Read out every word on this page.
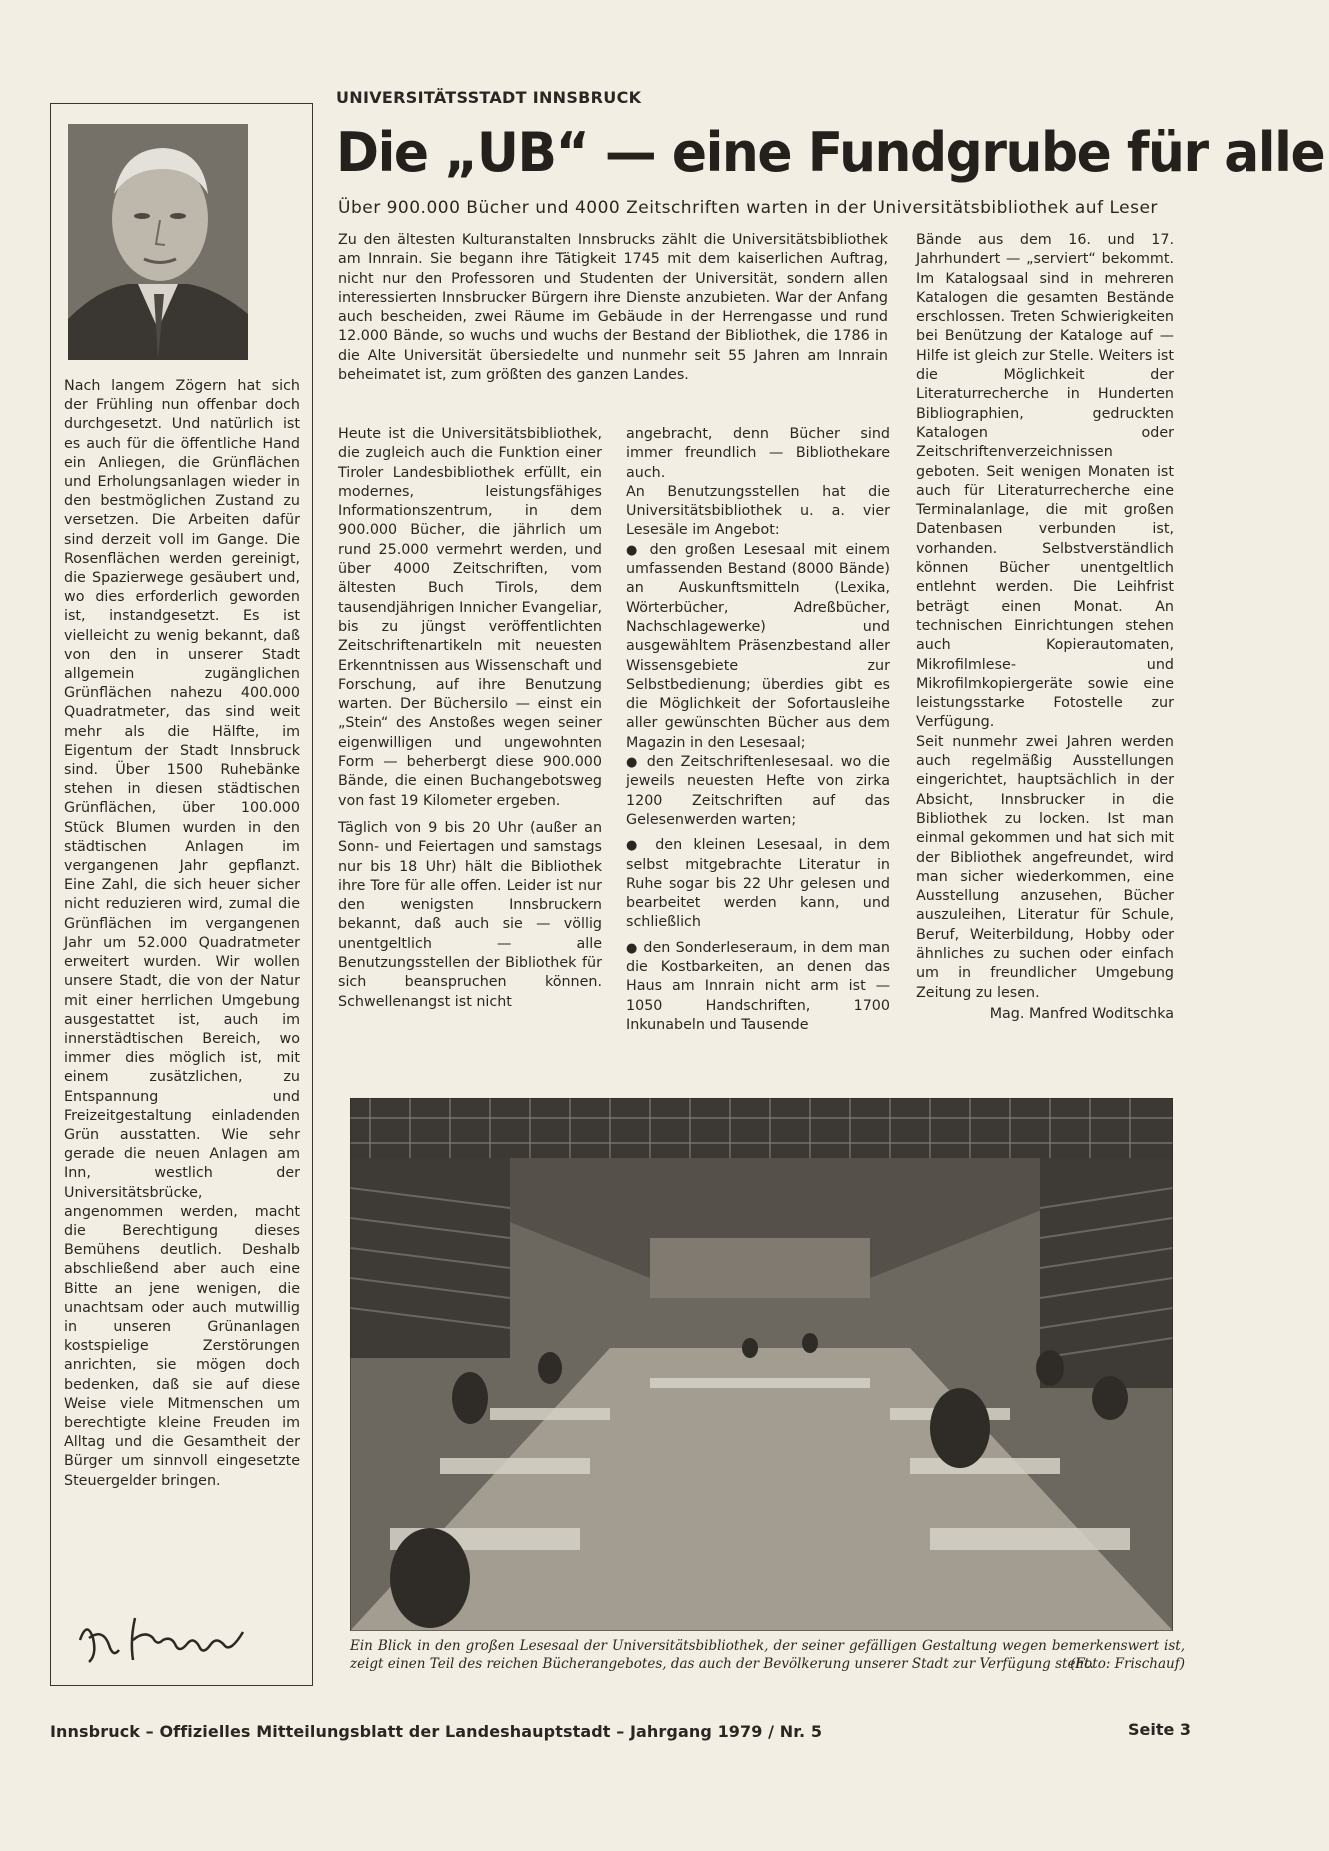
Nach langem Zögern hat sich der Frühling nun offenbar doch durchgesetzt. Und natürlich ist es auch für die öffentliche Hand ein Anliegen, die Grünflächen und Erholungsanlagen wieder in den bestmöglichen Zustand zu versetzen. Die Arbeiten dafür sind derzeit voll im Gange. Die Rosenflächen werden gereinigt, die Spazierwege gesäubert und, wo dies erforderlich geworden ist, instandgesetzt. Es ist vielleicht zu wenig bekannt, daß von den in unserer Stadt allgemein zugänglichen Grünflächen nahezu 400.000 Quadratmeter, das sind weit mehr als die Hälfte, im Eigentum der Stadt Innsbruck sind. Über 1500 Ruhebänke stehen in diesen städtischen Grünflächen, über 100.000 Stück Blumen wurden in den städtischen Anlagen im vergangenen Jahr gepflanzt. Eine Zahl, die sich heuer sicher nicht reduzieren wird, zumal die Grünflächen im vergangenen Jahr um 52.000 Quadratmeter erweitert wurden. Wir wollen unsere Stadt, die von der Natur mit einer herrlichen Umgebung ausgestattet ist, auch im innerstädtischen Bereich, wo immer dies möglich ist, mit einem zusätzlichen, zu Entspannung und Freizeitgestaltung einladenden Grün ausstatten. Wie sehr gerade die neuen Anlagen am Inn, westlich der Universitätsbrücke, angenommen werden, macht die Berechtigung dieses Bemühens deutlich. Deshalb abschließend aber auch eine Bitte an jene wenigen, die unachtsam oder auch mutwillig in unseren Grünanlagen kostspielige Zerstörungen anrichten, sie mögen doch bedenken, daß sie auf diese Weise viele Mitmenschen um berechtigte kleine Freuden im Alltag und die Gesamtheit der Bürger um sinnvoll eingesetzte Steuergelder bringen.
UNIVERSITÄTSSTADT INNSBRUCK
Die „UB“ — eine Fundgrube für alle
Über 900.000 Bücher und 4000 Zeitschriften warten in der Universitätsbibliothek auf Leser
Zu den ältesten Kulturanstalten Innsbrucks zählt die Universitätsbibliothek am Innrain. Sie begann ihre Tätigkeit 1745 mit dem kaiserlichen Auftrag, nicht nur den Professoren und Studenten der Universität, sondern allen interessierten Innsbrucker Bürgern ihre Dienste anzubieten. War der Anfang auch bescheiden, zwei Räume im Gebäude in der Herrengasse und rund 12.000 Bände, so wuchs und wuchs der Bestand der Bibliothek, die 1786 in die Alte Universität übersiedelte und nunmehr seit 55 Jahren am Innrain beheimatet ist, zum größten des ganzen Landes.

Heute ist die Universitätsbibliothek, die zugleich auch die Funktion einer Tiroler Landesbibliothek erfüllt, ein modernes, leistungsfähiges Informationszentrum, in dem 900.000 Bücher, die jährlich um rund 25.000 vermehrt werden, und über 4000 Zeitschriften, vom ältesten Buch Tirols, dem tausendjährigen Innicher Evangeliar, bis zu jüngst veröffentlichten Zeitschriftenartikeln mit neuesten Erkenntnissen aus Wissenschaft und Forschung, auf ihre Benutzung warten. Der Büchersilo — einst ein „Stein“ des Anstoßes wegen seiner eigenwilligen und ungewohnten Form — beherbergt diese 900.000 Bände, die einen Buchangebotsweg von fast 19 Kilometer ergeben.

Täglich von 9 bis 20 Uhr (außer an Sonn- und Feiertagen und samstags nur bis 18 Uhr) hält die Bibliothek ihre Tore für alle offen. Leider ist nur den wenigsten Innsbruckern bekannt, daß auch sie — völlig unentgeltlich — alle Benutzungsstellen der Bibliothek für sich beanspruchen können. Schwellenangst ist nicht

angebracht, denn Bücher sind immer freundlich — Bibliothekare auch.

An Benutzungsstellen hat die Universitätsbibliothek u. a. vier Lesesäle im Angebot:

● den großen Lesesaal mit einem umfassenden Bestand (8000 Bände) an Auskunftsmitteln (Lexika, Wörterbücher, Adreßbücher, Nachschlagewerke) und ausgewähltem Präsenzbestand aller Wissensgebiete zur Selbstbedienung; überdies gibt es die Möglichkeit der Sofortausleihe aller gewünschten Bücher aus dem Magazin in den Lesesaal;

● den Zeitschriftenlesesaal. wo die jeweils neuesten Hefte von zirka 1200 Zeitschriften auf das Gelesenwerden warten;

● den kleinen Lesesaal, in dem selbst mitgebrachte Literatur in Ruhe sogar bis 22 Uhr gelesen und bearbeitet werden kann, und schließlich

● den Sonderleseraum, in dem man die Kostbarkeiten, an denen das Haus am Innrain nicht arm ist — 1050 Handschriften, 1700 Inkunabeln und Tausende

Bände aus dem 16. und 17. Jahrhundert — „serviert“ bekommt. Im Katalogsaal sind in mehreren Katalogen die gesamten Bestände erschlossen. Treten Schwierigkeiten bei Benützung der Kataloge auf — Hilfe ist gleich zur Stelle. Weiters ist die Möglichkeit der Literaturrecherche in Hunderten Bibliographien, gedruckten Katalogen oder Zeitschriftenverzeichnissen geboten. Seit wenigen Monaten ist auch für Literaturrecherche eine Terminalanlage, die mit großen Datenbasen verbunden ist, vorhanden. Selbstverständlich können Bücher unentgeltlich entlehnt werden. Die Leihfrist beträgt einen Monat. An technischen Einrichtungen stehen auch Kopierautomaten, Mikrofilmlese- und Mikrofilmkopiergeräte sowie eine leistungsstarke Fotostelle zur Verfügung.

Seit nunmehr zwei Jahren werden auch regelmäßig Ausstellungen eingerichtet, hauptsächlich in der Absicht, Innsbrucker in die Bibliothek zu locken. Ist man einmal gekommen und hat sich mit der Bibliothek angefreundet, wird man sicher wiederkommen, eine Ausstellung anzusehen, Bücher auszuleihen, Literatur für Schule, Beruf, Weiterbildung, Hobby oder ähnliches zu suchen oder einfach um in freundlicher Umgebung Zeitung zu lesen.

Mag. Manfred Woditschka
Ein Blick in den großen Lesesaal der Universitätsbibliothek, der seiner gefälligen Gestaltung wegen bemerkenswert ist, zeigt einen Teil des reichen Bücherangebotes, das auch der Bevölkerung unserer Stadt zur Verfügung steht.
(Foto: Frischauf)
Innsbruck – Offizielles Mitteilungsblatt der Landeshauptstadt – Jahrgang 1979 / Nr. 5	Seite 3
